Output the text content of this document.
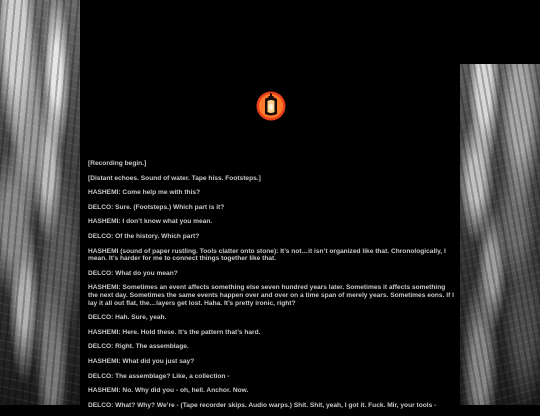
[Recording begin.]

[Distant echoes. Sound of water. Tape hiss. Footsteps.]

HASHEMI: Come help me with this?

DELCO: Sure. (Footsteps.) Which part is it?

HASHEMI: I don’t know what you mean.

DELCO: Of the history. Which part?

HASHEMI (sound of paper rustling. Tools clatter onto stone): It’s not…it isn’t organized like that. Chronologically, I mean. It’s harder for me to connect things together like that.

DELCO: What do you mean?

HASHEMI: Sometimes an event affects something else seven hundred years later. Sometimes it affects something the next day. Sometimes the same events happen over and over on a time span of merely years. Sometimes eons. If I lay it all out flat, the…layers get lost. Haha. It’s pretty ironic, right?

DELCO: Hah. Sure, yeah.

HASHEMI: Here. Hold these. It’s the pattern that’s hard.

DELCO: Right. The assemblage.

HASHEMI: What did you just say?

DELCO: The assemblage? Like, a collection -

HASHEMI: No. Why did you - oh, hell. Anchor. Now.

DELCO: What? Why? We’re - (Tape recorder skips. Audio warps.) Shit. Shit, yeah, I got it. Fuck. Mir, your tools -
